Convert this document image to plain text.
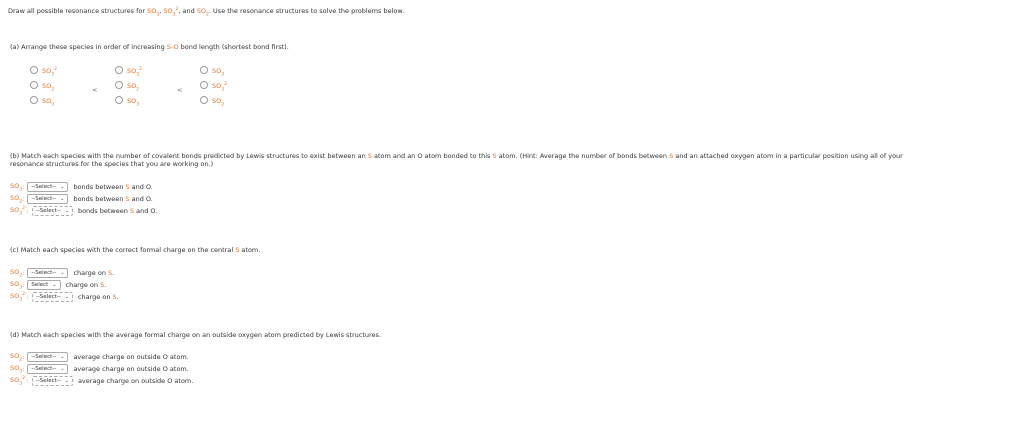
Draw all possible resonance structures for $SO_3$, $SO_3^2$, and $SO_2$. Use the resonance structures to solve the problems below.
(a) Arrange these species in order of increasing S-O bond length (shortest bond first).
$SO_3^2$
$SO_2$
$SO_3$
$SO_3^2$
$SO_2$
$SO_3$
$SO_3$
$SO_3^2$
$SO_2$
<	<
(b) Match each species with the number of covalent bonds predicted by Lewis structures to exist between an S atom and an O atom bonded to this S atom. (Hint: Average the number of bonds between S and an attached oxygen atom in a particular position using all of your
resonance structures for the species that you are working on.)
$SO_3$ :	--Select-- ⌄	bonds between S and O.
$SO_2$ :	--Select-- ⌄	bonds between S and O.
$SO_3^{2-}$ :	--Select-- ⌄	bonds between S and O.
(c) Match each species with the correct formal charge on the central S atom.
$SO_2$ :	--Select-- ⌄	charge on S.
$SO_3$ :	Select ⌄	charge on S.
$SO_3^{2-}$ :	--Select-- ⌄	charge on S.
(d) Match each species with the average formal charge on an outside oxygen atom predicted by Lewis structures.
$SO_2$ :	--Select-- ⌄	average charge on outside O atom.
$SO_3$ :	--Select-- ⌄	average charge on outside O atom.
$SO_3^{2-}$ :	--Select-- ⌄	average charge on outside O atom.
